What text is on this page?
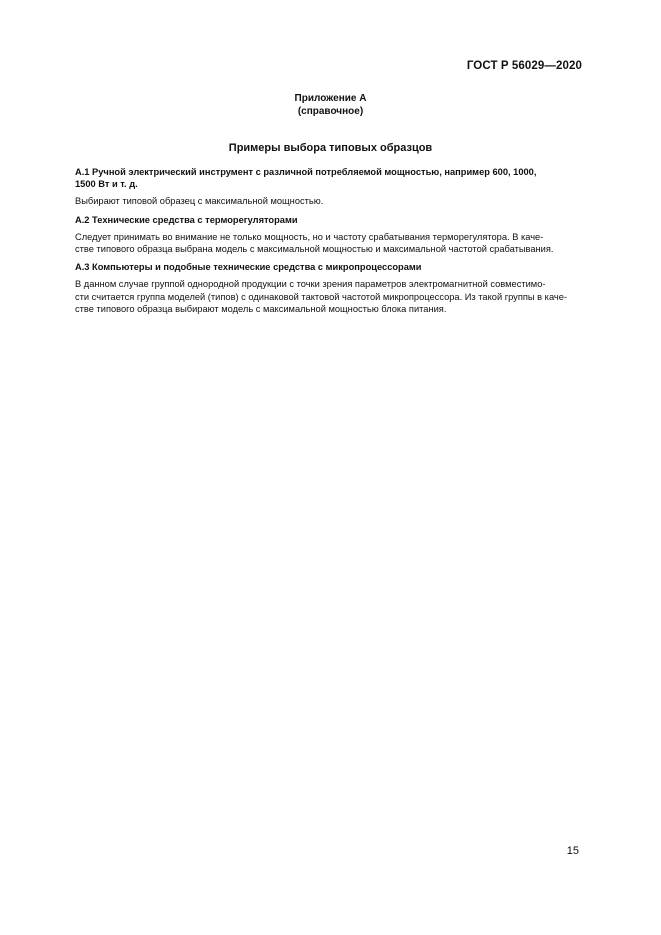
ГОСТ Р 56029—2020
Приложение А
(справочное)
Примеры выбора типовых образцов
А.1 Ручной электрический инструмент с различной потребляемой мощностью, например 600, 1000,
1500 Вт и т. д.
Выбирают типовой образец с максимальной мощностью.
А.2 Технические средства с терморегуляторами
Следует принимать во внимание не только мощность, но и частоту срабатывания терморегулятора. В каче-
стве типового образца выбрана модель с максимальной мощностью и максимальной частотой срабатывания.
А.3 Компьютеры и подобные технические средства с микропроцессорами
В данном случае группой однородной продукции с точки зрения параметров электромагнитной совместимо-
сти считается группа моделей (типов) с одинаковой тактовой частотой микропроцессора. Из такой группы в каче-
стве типового образца выбирают модель с максимальной мощностью блока питания.
15
